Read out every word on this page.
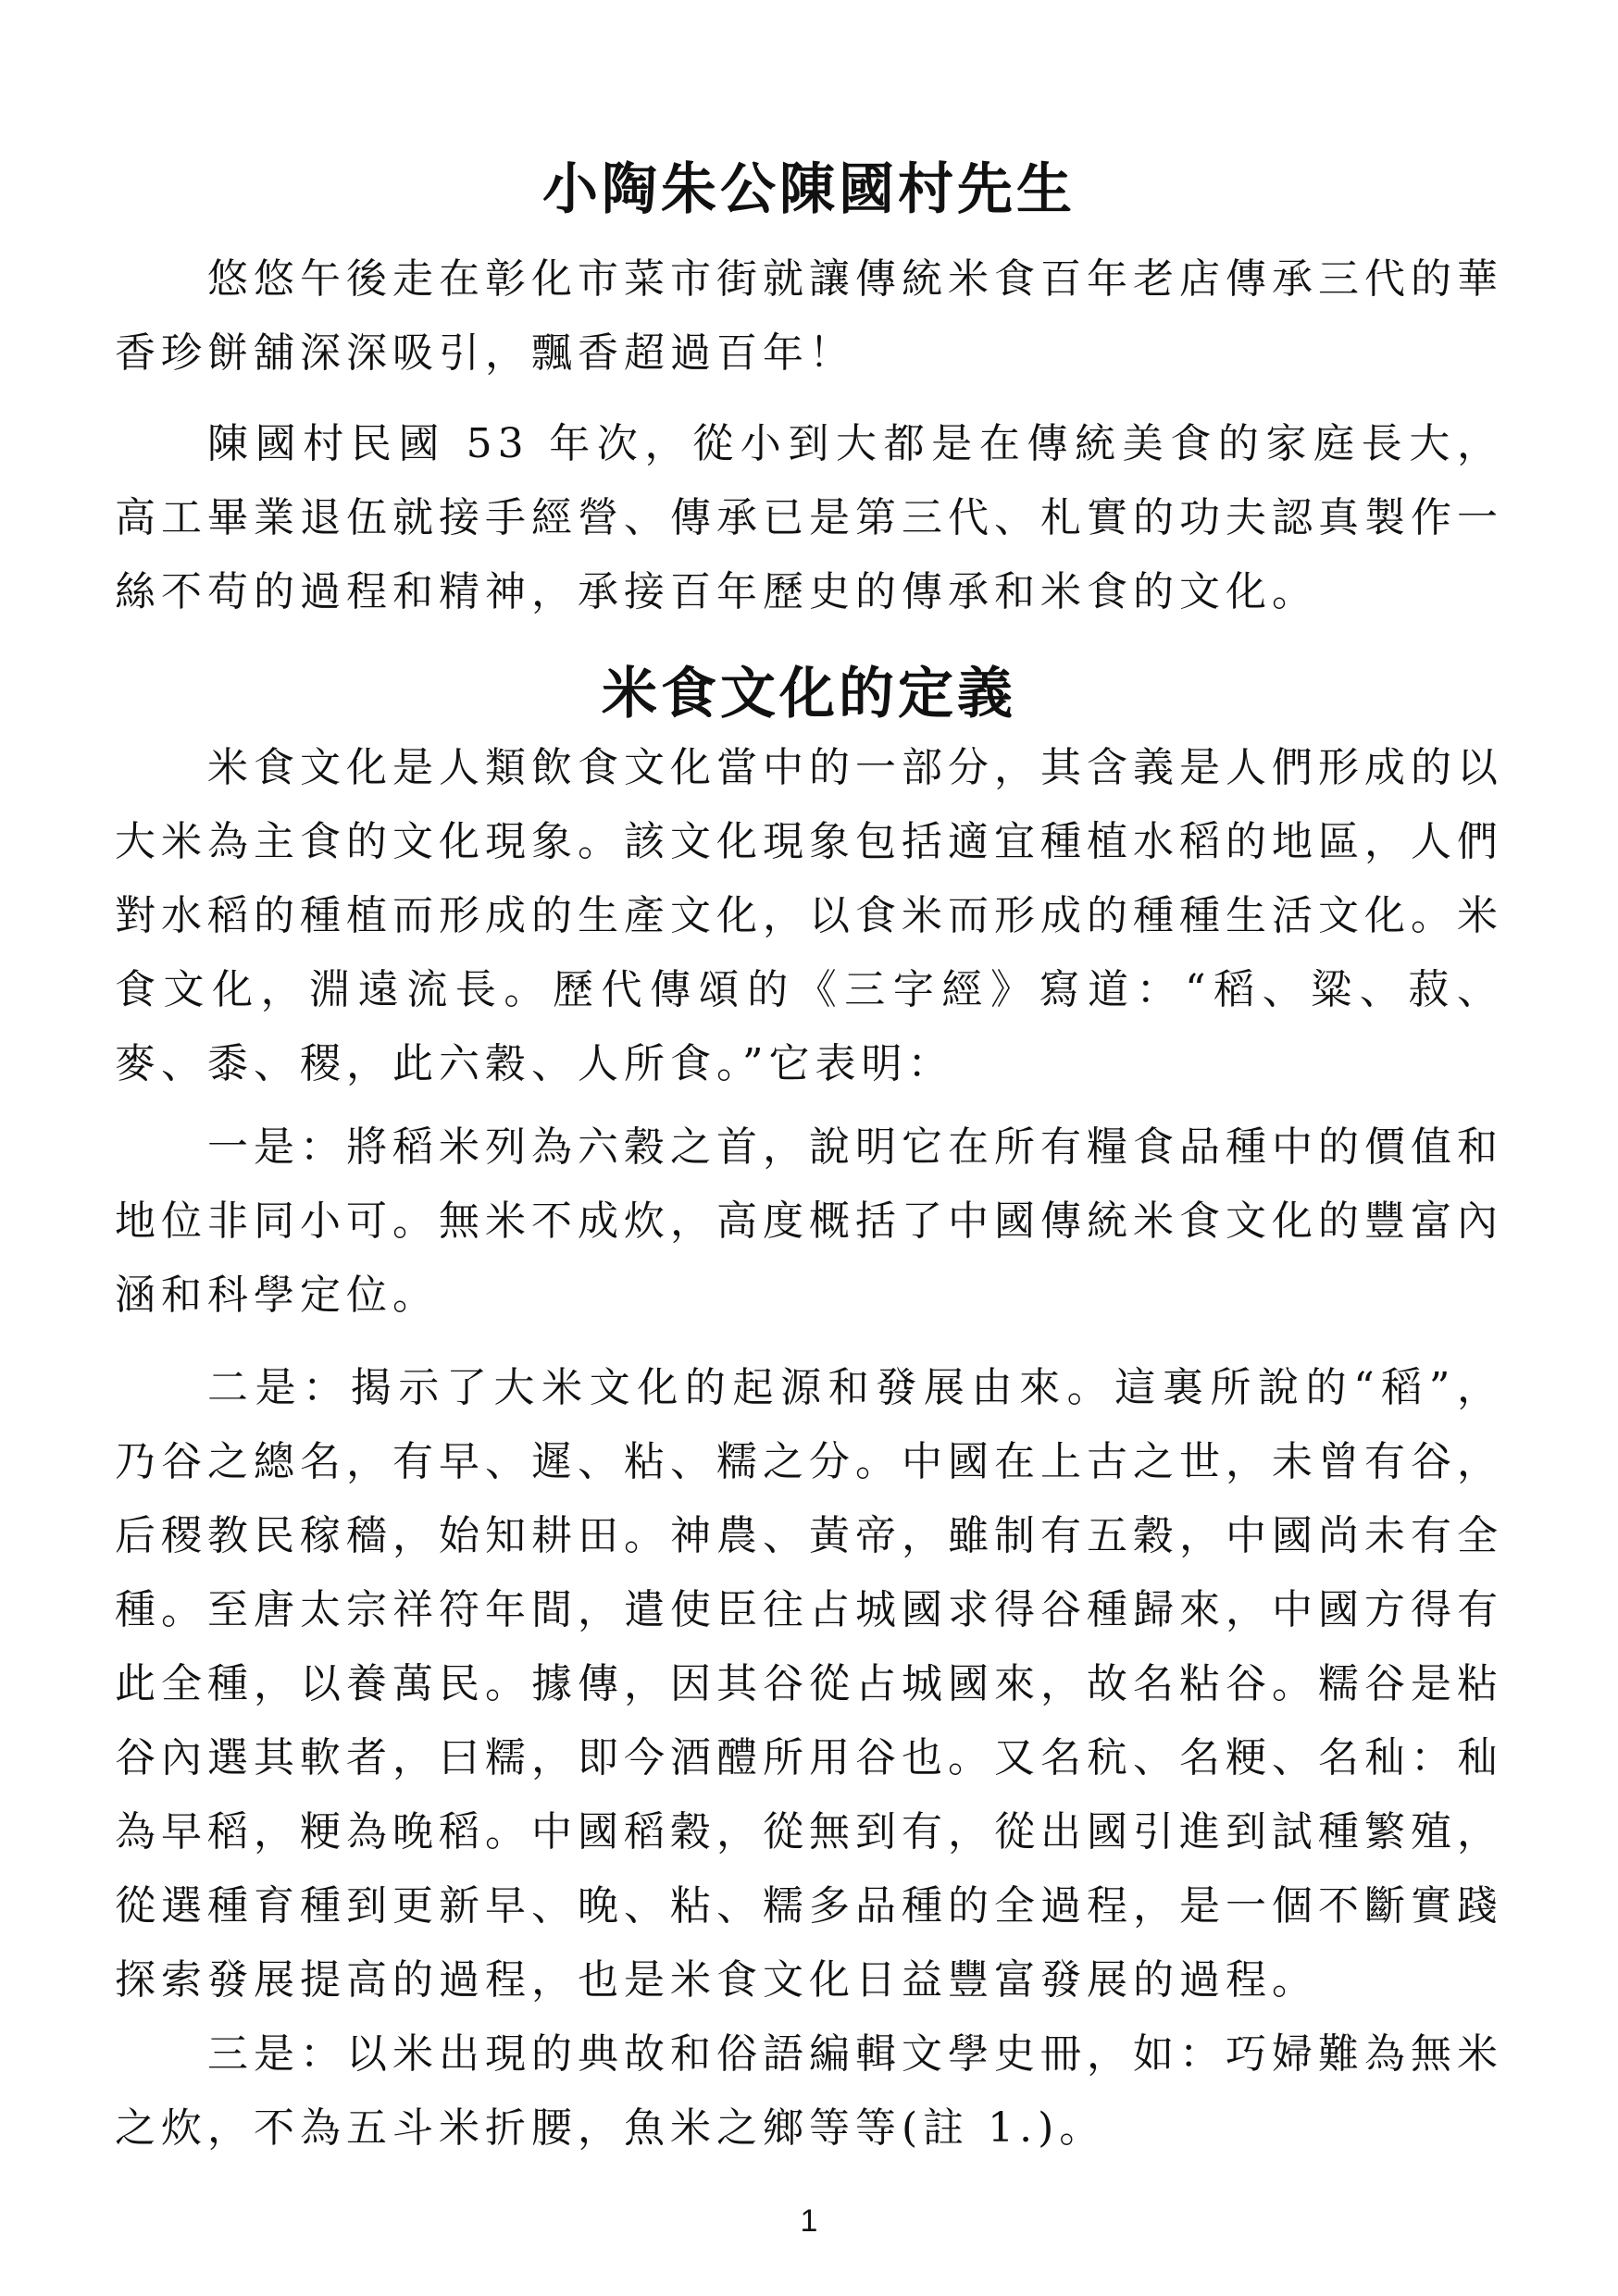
小陶朱公陳國村先生

悠悠午後走在彰化市菜市街就讓傳統米食百年老店傳承三代的華香珍餅舖深深吸引，飄香超過百年！

陳國村民國 53 年次，從小到大都是在傳統美食的家庭長大，高工畢業退伍就接手經營、傳承已是第三代、札實的功夫認真製作一絲不苟的過程和精神，承接百年歷史的傳承和米食的文化。

米食文化的定義

米食文化是人類飲食文化當中的一部分，其含義是人們形成的以大米為主食的文化現象。該文化現象包括適宜種植水稻的地區，人們對水稻的種植而形成的生產文化，以食米而形成的種種生活文化。米食文化，淵遠流長。歷代傳頌的《三字經》寫道：“稻、粱、菽、麥、黍、稷，此六穀、人所食。”它表明：

一是：將稻米列為六穀之首，說明它在所有糧食品種中的價值和地位非同小可。無米不成炊，高度概括了中國傳統米食文化的豐富內涵和科學定位。

二是：揭示了大米文化的起源和發展由來。這裏所說的“稻”，乃谷之總名，有早、遲、粘、糯之分。中國在上古之世，未曾有谷，后稷教民稼穡，始知耕田。神農、黃帝，雖制有五穀，中國尚未有全種。至唐太宗祥符年間，遣使臣往占城國求得谷種歸來，中國方得有此全種，以養萬民。據傳，因其谷從占城國來，故名粘谷。糯谷是粘谷內選其軟者，曰糯，即今酒醴所用谷也。又名秔、名粳、名秈：秈為早稻，粳為晚稻。中國稻穀，從無到有，從出國引進到試種繁殖，從選種育種到更新早、晚、粘、糯多品種的全過程，是一個不斷實踐探索發展提高的過程，也是米食文化日益豐富發展的過程。

三是：以米出現的典故和俗語編輯文學史冊，如：巧婦難為無米之炊，不為五斗米折腰，魚米之鄉等等(註 1.)。

1
